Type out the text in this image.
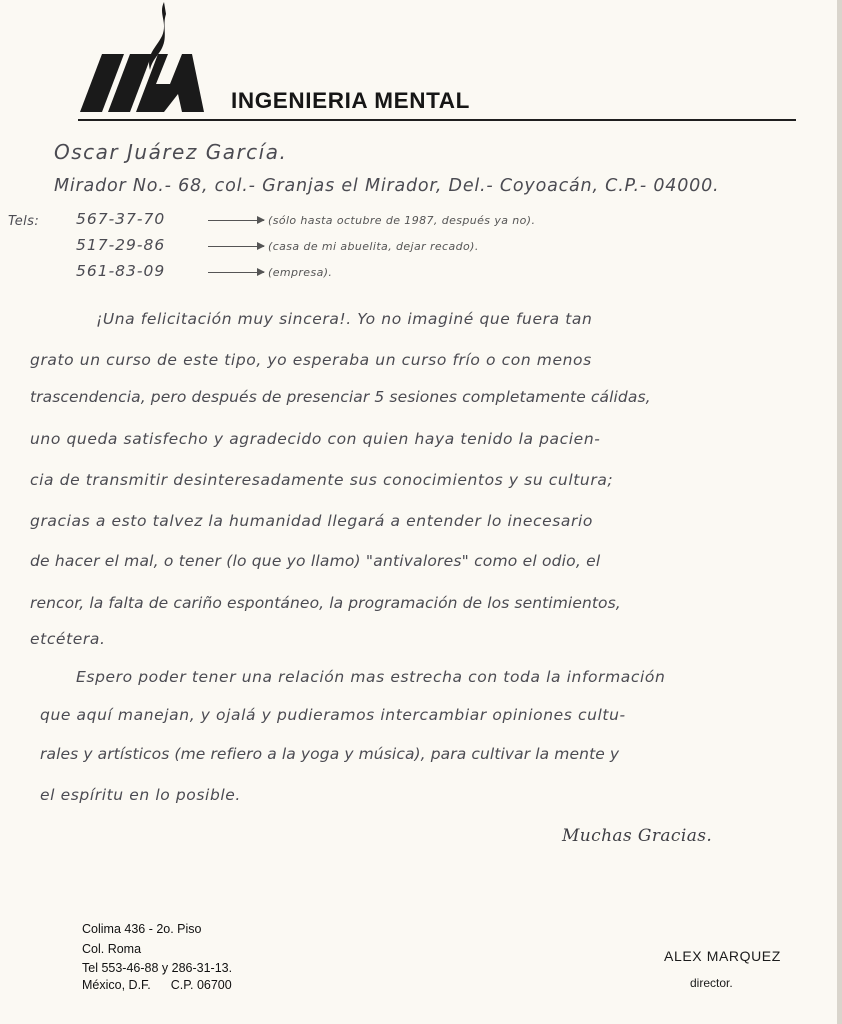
INGENIERIA MENTAL
Oscar Juárez García.
Mirador No.- 68, col.- Granjas el Mirador, Del.- Coyoacán, C.P.- 04000.
Tels: 567-37-70	(sólo hasta octubre de 1987, después ya no).
517-29-86	(casa de mi abuelita, dejar recado).
561-83-09	(empresa).
¡Una felicitación muy sincera!. Yo no imaginé que fuera tan
grato un curso de este tipo, yo esperaba un curso frío o con menos
trascendencia, pero después de presenciar 5 sesiones completamente cálidas,
uno queda satisfecho y agradecido con quien haya tenido la pacien-
cia de transmitir desinteresadamente sus conocimientos y su cultura;
gracias a esto talvez la humanidad llegará a entender lo inecesario
de hacer el mal, o tener (lo que yo llamo) "antivalores" como el odio, el
rencor, la falta de cariño espontáneo, la programación de los sentimientos,
etcétera.
Espero poder tener una relación mas estrecha con toda la información
que aquí manejan, y ojalá y pudieramos intercambiar opiniones cultu-
rales y artísticos (me refiero a la yoga y música), para cultivar la mente y
el espíritu en lo posible.
Muchas Gracias.
Colima 436 - 2o. Piso
Col. Roma
Tel 553-46-88 y 286-31-13.
México, D.F. C.P. 06700
ALEX MARQUEZ
director.
